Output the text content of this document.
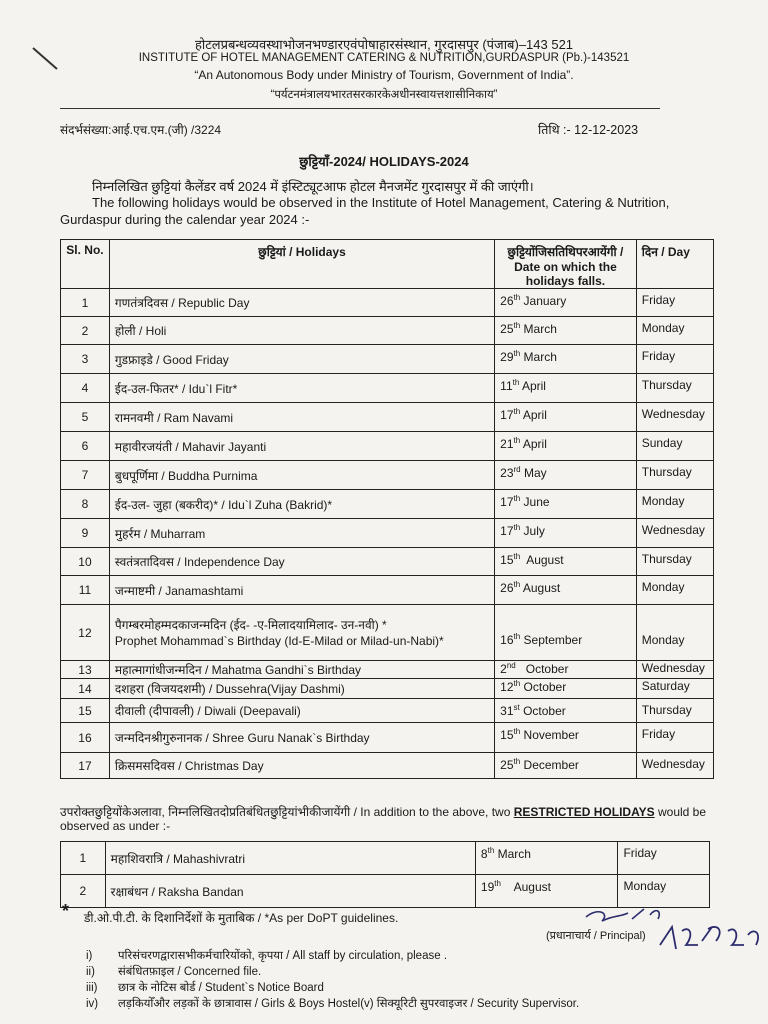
होटलप्रबन्धव्यवस्थाभोजनभण्डारएवंपोषाहारसंस्थान, गुरदासपुर (पंजाब)–143 521
INSTITUTE OF HOTEL MANAGEMENT CATERING & NUTRITION,GURDASPUR (Pb.)-143521
“An Autonomous Body under Ministry of Tourism, Government of India”.
“पर्यटनमंत्रालयभारतसरकारकेअधीनस्वायत्तशासीनिकाय”
संदर्भसंख्या:आई.एच.एम.(जी) /3224	तिथि :- 12-12-2023
छुट्टियाँ-2024/ HOLIDAYS-2024
निम्नलिखित छुट्टियां कैलेंडर वर्ष 2024 में इंस्टिट्यूटआफ होटल मैनजमेंट गुरदासपुर में की जाएंगी।
The following holidays would be observed in the Institute of Hotel Management, Catering & Nutrition, Gurdaspur during the calendar year 2024 :-
Sl. No.	छुट्टियां / Holidays	छुट्टियोंजिसतिथिपरआयेंगी / Date on which the holidays falls.	दिन / Day
1	गणतंत्रदिवस / Republic Day	26th January	Friday
2	होली / Holi	25th March	Monday
3	गुडफ्राइडे / Good Friday	29th March	Friday
4	ईद-उल-फितर* / Idu`l Fitr*	11th April	Thursday
5	रामनवमी / Ram Navami	17th April	Wednesday
6	महावीरजयंती / Mahavir Jayanti	21th April	Sunday
7	बुधपूर्णिमा / Buddha Purnima	23rd May	Thursday
8	ईद-उल- जुहा (बकरीद)* / Idu`l Zuha (Bakrid)*	17th June	Monday
9	मुहर्रम / Muharram	17th July	Wednesday
10	स्वतंत्रतादिवस / Independence Day	15th  August	Thursday
11	जन्माष्टमी / Janamashtami	26th August	Monday
12	पैगम्बरमोहम्मदकाजन्मदिन (ईद- -ए-मिलादयामिलाद- उन-नवी) *
Prophet Mohammad`s Birthday (Id-E-Milad or Milad-un-Nabi)*	16th September	Monday
13	महात्मागांधीजन्मदिन / Mahatma Gandhi`s Birthday	2nd   October	Wednesday
14	दशहरा (विजयदशमी) / Dussehra(Vijay Dashmi)	12th October	Saturday
15	दीवाली (दीपावली) / Diwali (Deepavali)	31st October	Thursday
16	जन्मदिनश्रीगुरुनानक / Shree Guru Nanak`s Birthday	15th November	Friday
17	क्रिसमसदिवस / Christmas Day	25th December	Wednesday
उपरोक्तछुट्टियोंकेअलावा, निम्नलिखितदोप्रतिबंधितछुट्टियांभीकीजायेंगी / In addition to the above, two RESTRICTED HOLIDAYS would be observed as under :-
1	महाशिवरात्रि / Mahashivratri	8th March	Friday
2	रक्षाबंधन / Raksha Bandan	19th    August	Monday
* डी.ओ.पी.टी. के दिशानिर्देशों के मुताबिक / *As per DoPT guidelines.
(प्रधानाचार्य / Principal)
i) परिसंचरणद्वारासभीकर्मचारियोंको, कृपया / All staff by circulation, please .
ii) संबंधितफ़ाइल / Concerned file.
iii) छात्र के नोटिस बोर्ड / Student`s Notice Board
iv) लड़कियोँऔर लड़कों के छात्रावास / Girls & Boys Hostel(v) सिक्यूरिटी सुपरवाइजर / Security Supervisor.
